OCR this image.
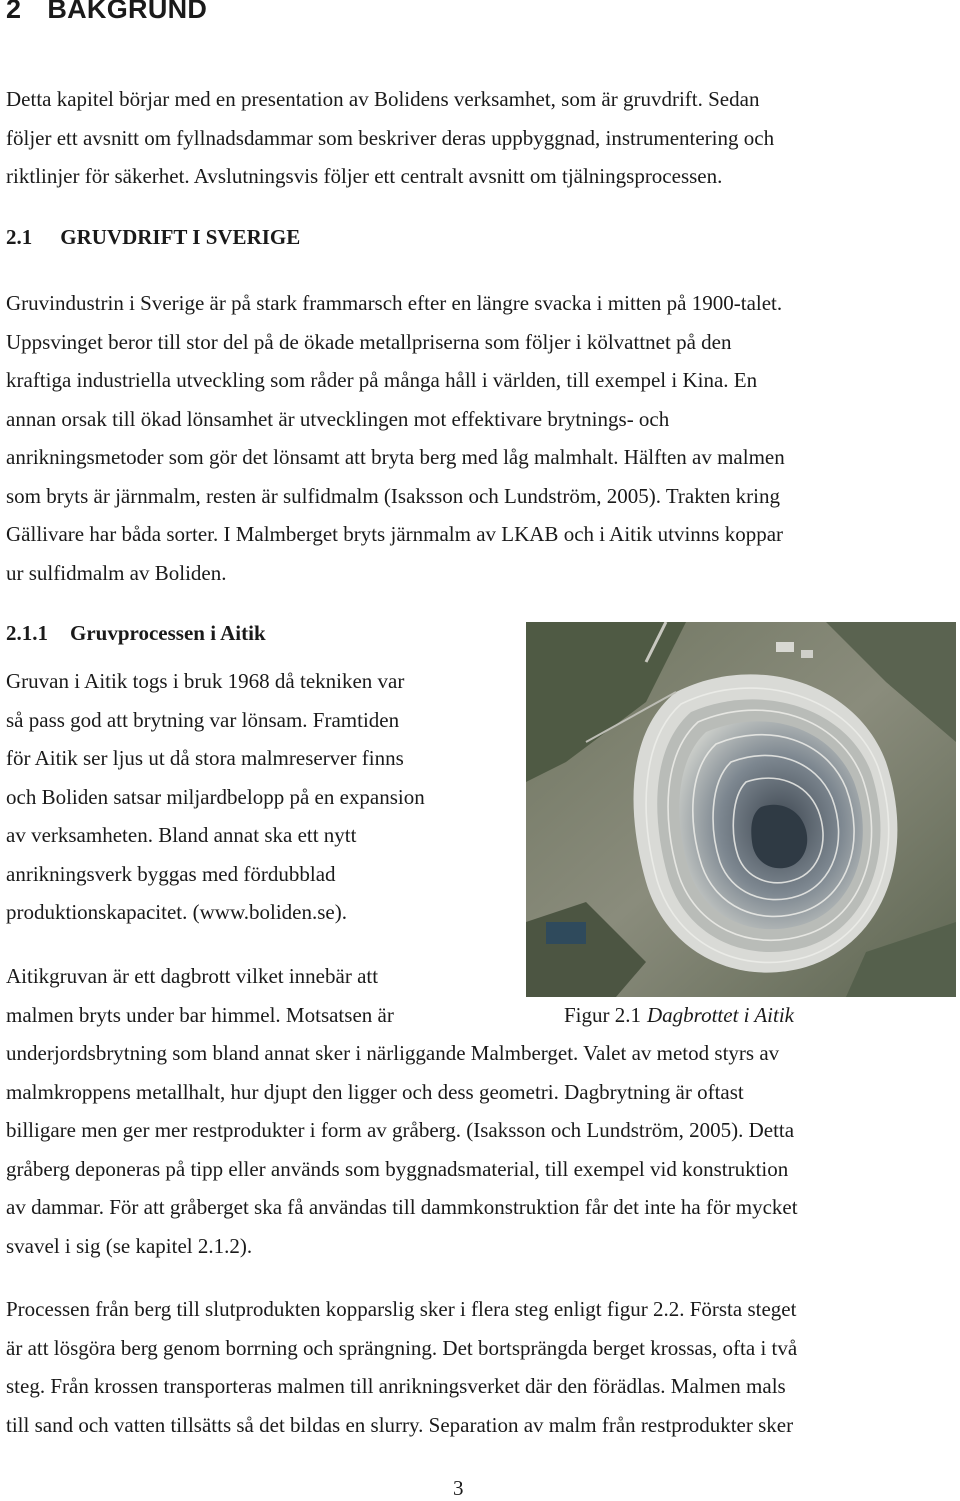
2 BAKGRUND
Detta kapitel börjar med en presentation av Bolidens verksamhet, som är gruvdrift. Sedan
följer ett avsnitt om fyllnadsdammar som beskriver deras uppbyggnad, instrumentering och
riktlinjer för säkerhet. Avslutningsvis följer ett centralt avsnitt om tjälningsprocessen.
2.1 GRUVDRIFT I SVERIGE
Gruvindustrin i Sverige är på stark frammarsch efter en längre svacka i mitten på 1900-talet.
Uppsvinget beror till stor del på de ökade metallpriserna som följer i kölvattnet på den
kraftiga industriella utveckling som råder på många håll i världen, till exempel i Kina. En
annan orsak till ökad lönsamhet är utvecklingen mot effektivare brytnings- och
anrikningsmetoder som gör det lönsamt att bryta berg med låg malmhalt. Hälften av malmen
som bryts är järnmalm, resten är sulfidmalm (Isaksson och Lundström, 2005). Trakten kring
Gällivare har båda sorter. I Malmberget bryts järnmalm av LKAB och i Aitik utvinns koppar
ur sulfidmalm av Boliden.
2.1.1 Gruvprocessen i Aitik
Gruvan i Aitik togs i bruk 1968 då tekniken var
så pass god att brytning var lönsam. Framtiden
för Aitik ser ljus ut då stora malmreserver finns
och Boliden satsar miljardbelopp på en expansion
av verksamheten. Bland annat ska ett nytt
anrikningsverk byggas med fördubblad
produktionskapacitet. (www.boliden.se).
Aitikgruvan är ett dagbrott vilket innebär att
malmen bryts under bar himmel. Motsatsen är
underjordsbrytning som bland annat sker i närliggande Malmberget. Valet av metod styrs av
malmkroppens metallhalt, hur djupt den ligger och dess geometri. Dagbrytning är oftast
billigare men ger mer restprodukter i form av gråberg. (Isaksson och Lundström, 2005). Detta
gråberg deponeras på tipp eller används som byggnadsmaterial, till exempel vid konstruktion
av dammar. För att gråberget ska få användas till dammkonstruktion får det inte ha för mycket
svavel i sig (se kapitel 2.1.2).
Figur 2.1 Dagbrottet i Aitik
Processen från berg till slutprodukten kopparslig sker i flera steg enligt figur 2.2. Första steget
är att lösgöra berg genom borrning och sprängning. Det bortsprängda berget krossas, ofta i två
steg. Från krossen transporteras malmen till anrikningsverket där den förädlas. Malmen mals
till sand och vatten tillsätts så det bildas en slurry. Separation av malm från restprodukter sker
3
